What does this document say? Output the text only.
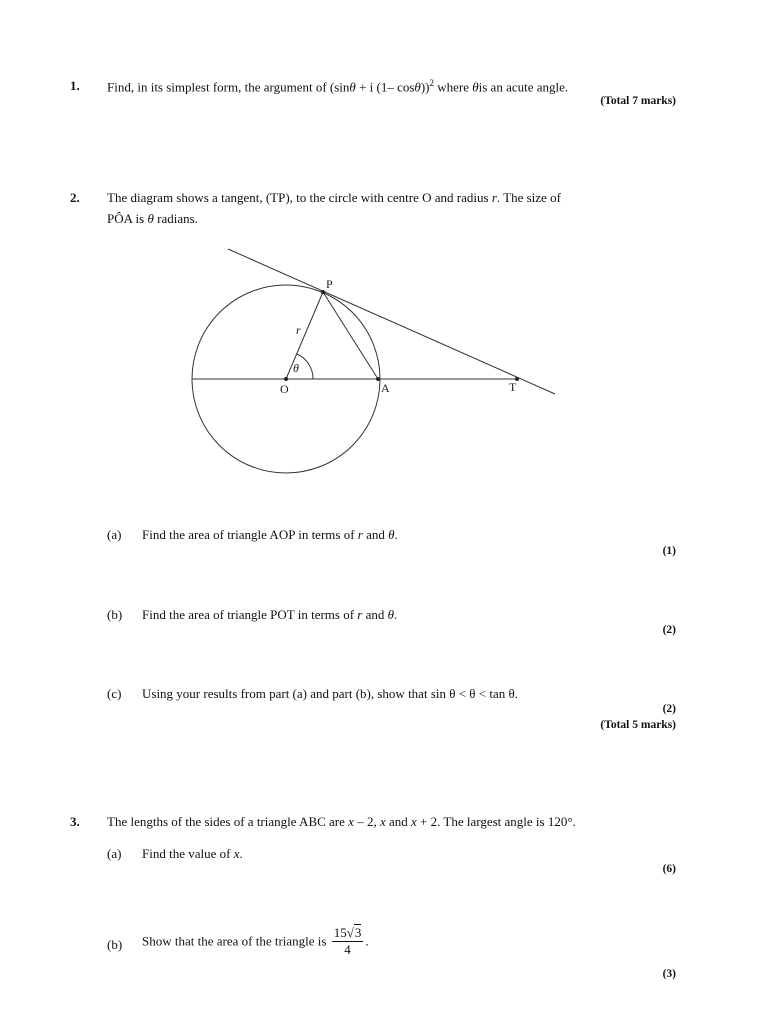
1. Find, in its simplest form, the argument of (sinθ + i (1– cosθ))$^2$ where θis an acute angle.
(Total 7 marks)
2. The diagram shows a tangent, (TP), to the circle with centre O and radius r. The size of
PÔA is θ radians.
P
O	A	T
r
θ
(a) Find the area of triangle AOP in terms of r and θ.
(1)
(b) Find the area of triangle POT in terms of r and θ.
(2)
(c) Using your results from part (a) and part (b), show that sin θ < θ < tan θ.
(2)
(Total 5 marks)
3. The lengths of the sides of a triangle ABC are x – 2, x and x + 2. The largest angle is 120°.
(a) Find the value of x.
(6)
(b) Show that the area of the triangle is $\frac{15√3}{4}$ .
(3)
